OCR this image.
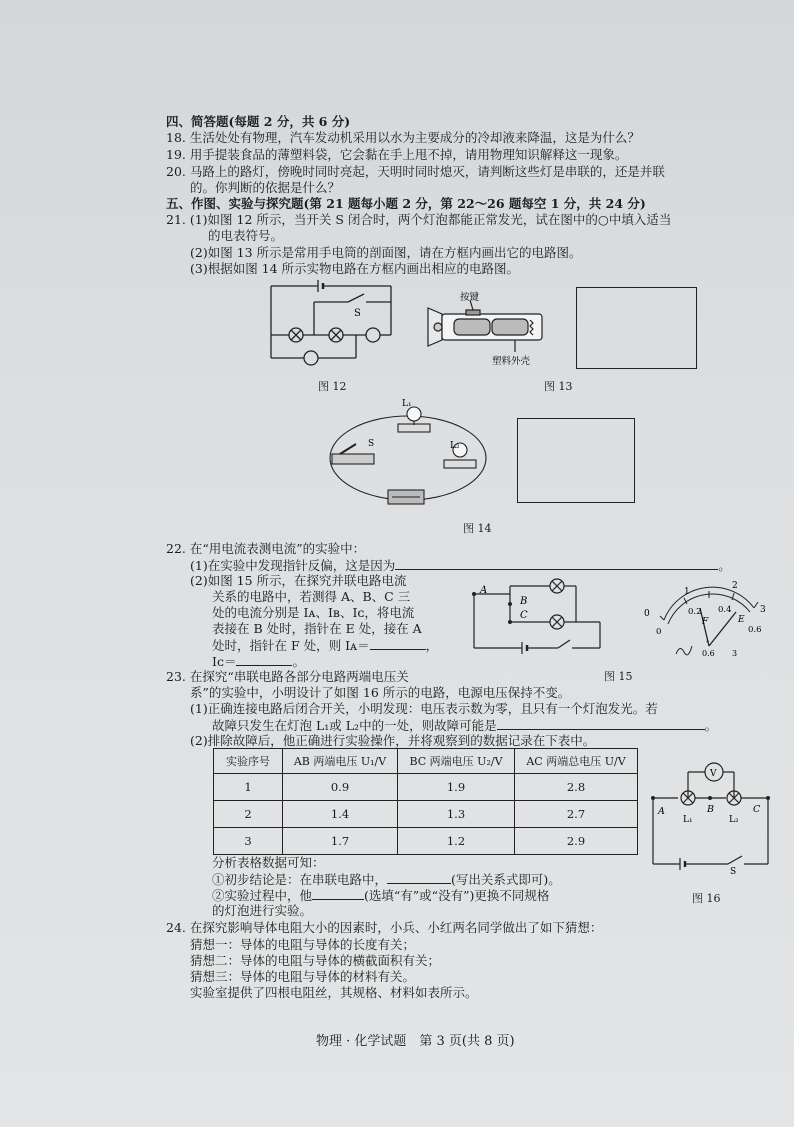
四、简答题(每题 2 分，共 6 分)
18. 生活处处有物理，汽车发动机采用以水为主要成分的冷却液来降温，这是为什么？
19. 用手提装食品的薄塑料袋，它会黏在手上甩不掉，请用物理知识解释这一现象。
20. 马路上的路灯，傍晚时同时亮起，天明时同时熄灭，请判断这些灯是串联的，还是并联
的。你判断的依据是什么？
五、作图、实验与探究题(第 21 题每小题 2 分，第 22～26 题每空 1 分，共 24 分)
21. (1)如图 12 所示，当开关 S 闭合时，两个灯泡都能正常发光，试在图中的○中填入适当
的电表符号。
(2)如图 13 所示是常用手电筒的剖面图，请在方框内画出它的电路图。
(3)根据如图 14 所示实物电路在方框内画出相应的电路图。
S
图 12
按键
塑料外壳
图 13
L₁
L₂
S
图 14
22. 在“用电流表测电流”的实验中：
(1)在实验中发现指针反偏，这是因为	。
(2)如图 15 所示，在探究并联电路电流
关系的电路中，若测得 A、B、C 三
处的电流分别是 Iᴀ、Iʙ、Iᴄ，将电流
表接在 B 处时，指针在 E 处，接在 A
处时，指针在 F 处，则 Iᴀ＝	，
Iᴄ＝	。
A
B
C
1
2
0	3
0
0.2 0.4
0.6
F	E
-
0.6 3
图 15
23. 在探究“串联电路各部分电路两端电压关
系”的实验中，小明设计了如图 16 所示的电路，电源电压保持不变。
(1)正确连接电路后闭合开关，小明发现：电压表示数为零，且只有一个灯泡发光。若
故障只发生在灯泡 L₁或 L₂中的一处，则故障可能是	。
(2)排除故障后，他正确进行实验操作，并将观察到的数据记录在下表中。
实验序号	AB 两端电压 U₁/V	BC 两端电压 U₂/V	AC 两端总电压 U/V
1	0.9	1.9	2.8
2	1.4	1.3	2.7
3	1.7	1.2	2.9
V
A	B	C
L₁	L₂
S
图 16
分析表格数据可知：
①初步结论是：在串联电路中，	(写出关系式即可)。
②实验过程中，他	(选填“有”或“没有”)更换不同规格
的灯泡进行实验。
24. 在探究影响导体电阻大小的因素时，小兵、小红两名同学做出了如下猜想：
猜想一：导体的电阻与导体的长度有关；
猜想二：导体的电阻与导体的横截面积有关；
猜想三：导体的电阻与导体的材料有关。
实验室提供了四根电阻丝，其规格、材料如表所示。
物理 · 化学试题　第 3 页(共 8 页)
